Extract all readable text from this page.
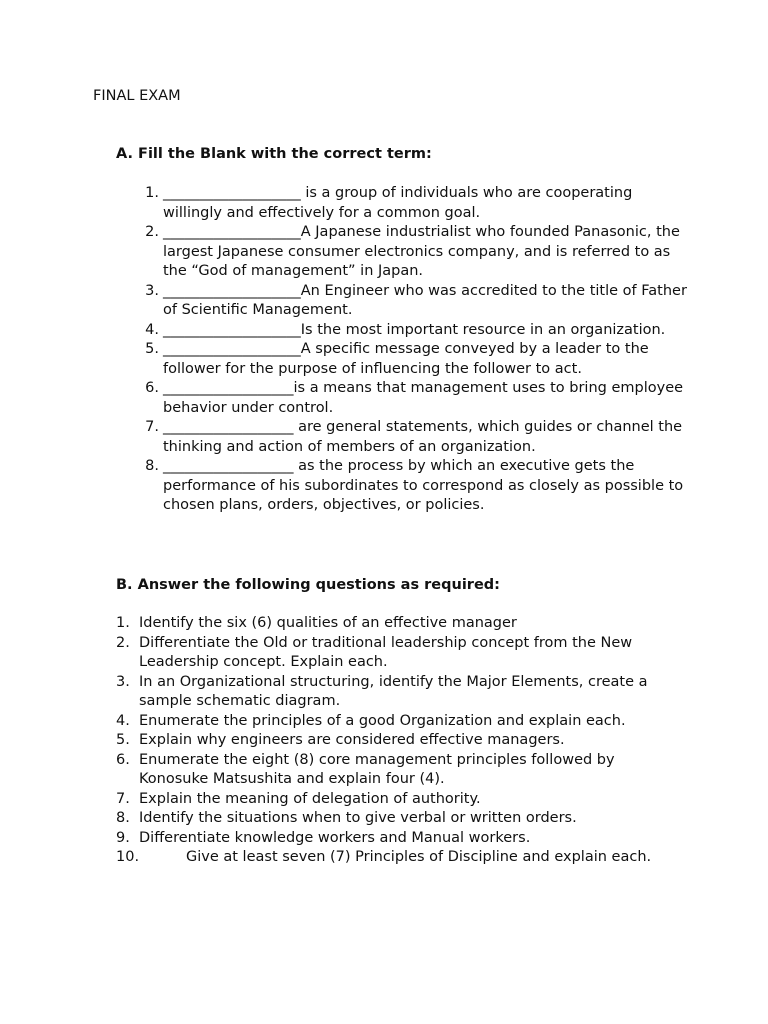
FINAL EXAM
A. Fill the Blank with the correct term:
1. ___________________ is a group of individuals who are cooperating willingly and effectively for a common goal.
2. ___________________A Japanese industrialist who founded Panasonic, the largest Japanese consumer electronics company, and is referred to as the “God of management” in Japan.
3. ___________________An Engineer who was accredited to the title of Father of Scientific Management.
4. ___________________Is the most important resource in an organization.
5. ___________________A specific message conveyed by a leader to the follower for the purpose of influencing the follower to act.
6. __________________is a means that management uses to bring employee behavior under control.
7. __________________ are general statements, which guides or channel the thinking and action of members of an organization.
8. __________________ as the process by which an executive gets the performance of his subordinates to correspond as closely as possible to chosen plans, orders, objectives, or policies.
B. Answer the following questions as required:
1. Identify the six (6) qualities of an effective manager
2. Differentiate the Old or traditional leadership concept from the New Leadership concept. Explain each.
3. In an Organizational structuring, identify the Major Elements, create a sample schematic diagram.
4. Enumerate the principles of a good Organization and explain each.
5. Explain why engineers are considered effective managers.
6. Enumerate the eight (8) core management principles followed by Konosuke Matsushita and explain four (4).
7. Explain the meaning of delegation of authority.
8. Identify the situations when to give verbal or written orders.
9. Differentiate knowledge workers and Manual workers.
10.	Give at least seven (7) Principles of Discipline and explain each.
